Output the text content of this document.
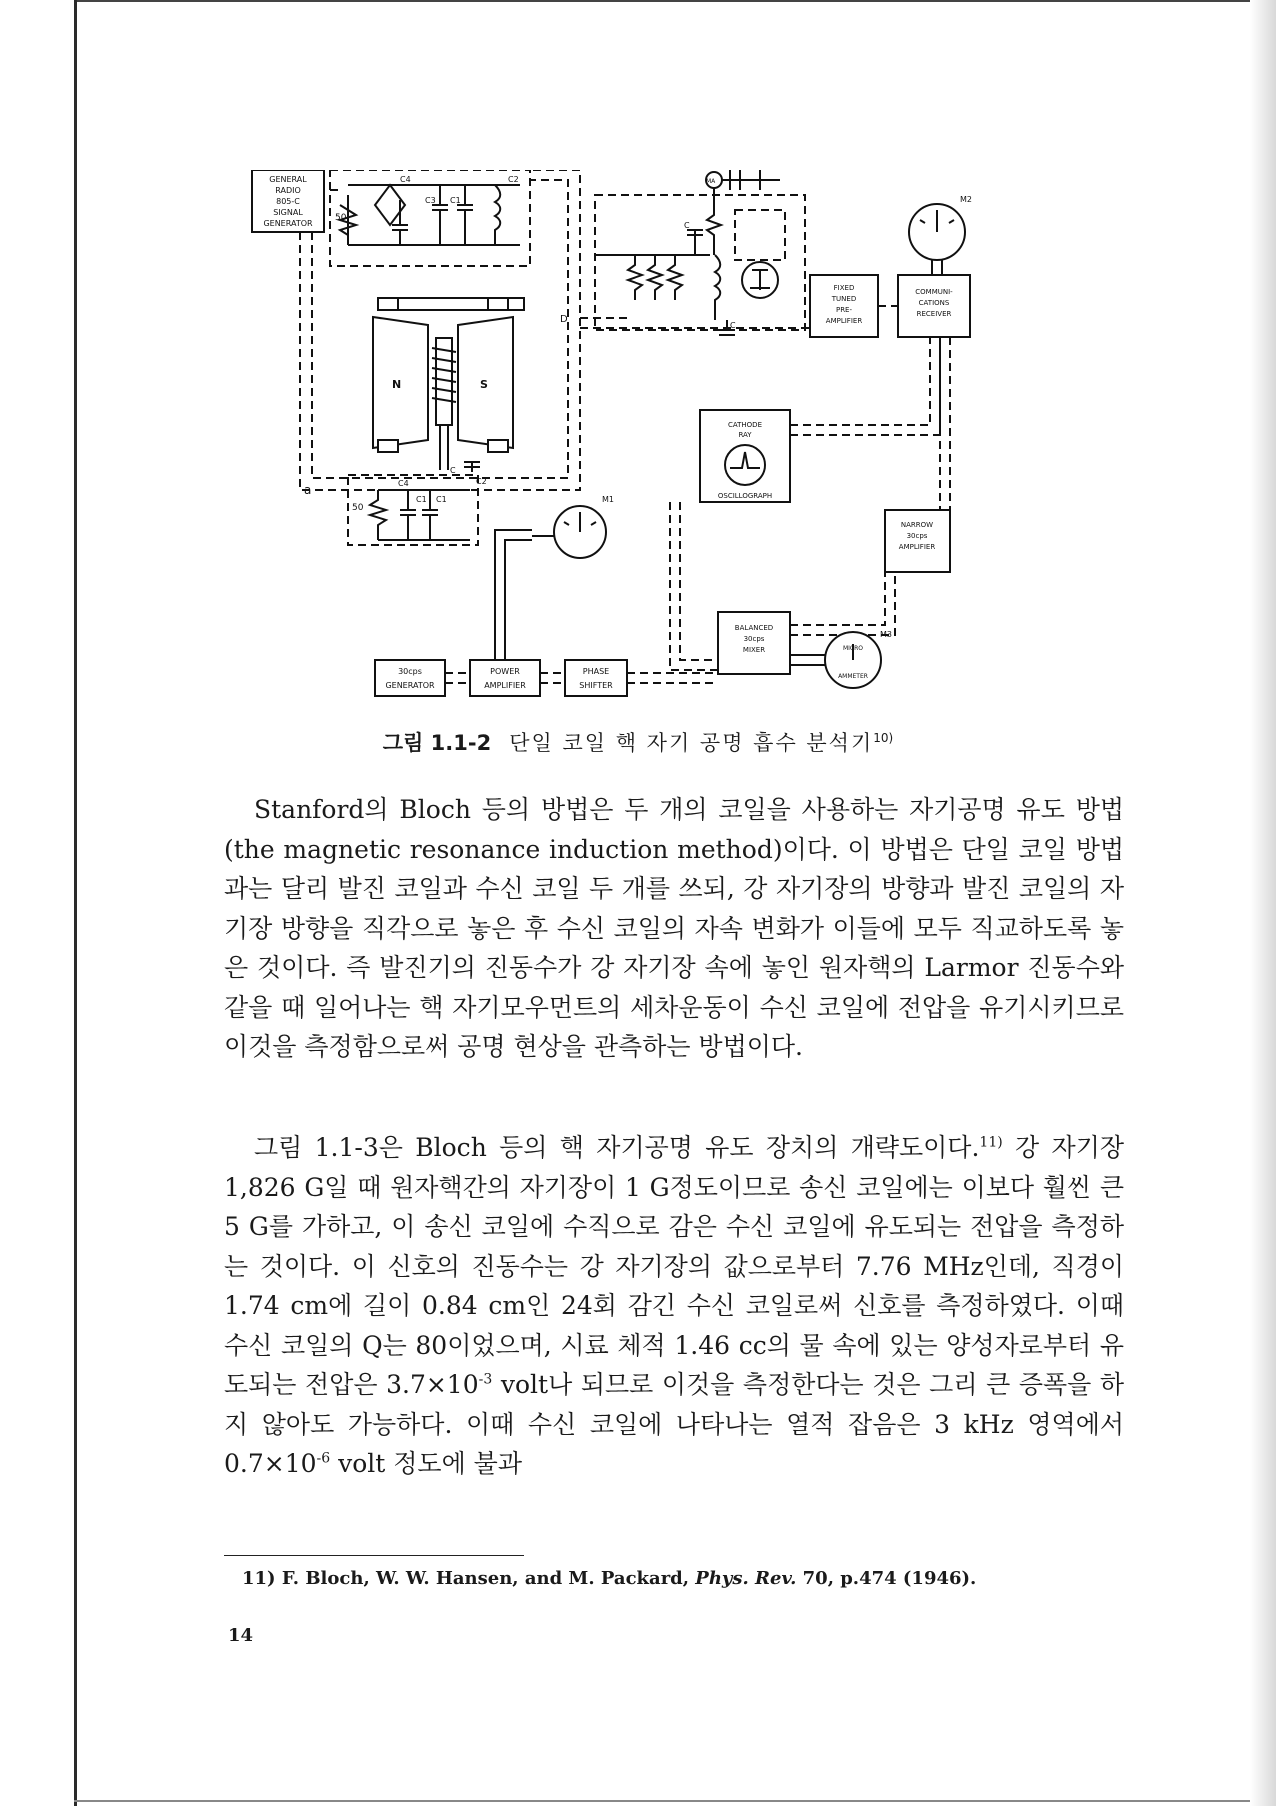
GENERAL
RADIO
805-C
SIGNAL
GENERATOR
50
C4
C3 C1
C2
N	S
C
a
50
C4
C1 C1
C2
D
C
C
MA
FIXED
TUNED
PRE-
AMPLIFIER
COMMUNI-
CATIONS
RECEIVER
M2
CATHODE
RAY
OSCILLOGRAPH
NARROW
30cps
AMPLIFIER
BALANCED
30cps
MIXER	MICRO
AMMETER
M3
30cps
GENERATOR
POWER
AMPLIFIER
PHASE
SHIFTER
M1
그림 1.1-2 단일 코일 핵 자기 공명 흡수 분석기$^{10)}$

Stanford의 Bloch 등의 방법은 두 개의 코일을 사용하는 자기공명 유도 방법(the magnetic resonance induction method)이다. 이 방법은 단일 코일 방법과는 달리 발진 코일과 수신 코일 두 개를 쓰되, 강 자기장의 방향과 발진 코일의 자기장 방향을 직각으로 놓은 후 수신 코일의 자속 변화가 이들에 모두 직교하도록 놓은 것이다. 즉 발진기의 진동수가 강 자기장 속에 놓인 원자핵의 Larmor 진동수와 같을 때 일어나는 핵 자기모우먼트의 세차운동이 수신 코일에 전압을 유기시키므로 이것을 측정함으로써 공명 현상을 관측하는 방법이다.

그림 1.1-3은 Bloch 등의 핵 자기공명 유도 장치의 개략도이다.$^{11)}$ 강 자기장 1,826 G일 때 원자핵간의 자기장이 1 G정도이므로 송신 코일에는 이보다 훨씬 큰 5 G를 가하고, 이 송신 코일에 수직으로 감은 수신 코일에 유도되는 전압을 측정하는 것이다. 이 신호의 진동수는 강 자기장의 값으로부터 7.76 MHz인데, 직경이 1.74 cm에 길이 0.84 cm인 24회 감긴 수신 코일로써 신호를 측정하였다. 이때 수신 코일의 Q는 80이었으며, 시료 체적 1.46 cc의 물 속에 있는 양성자로부터 유도되는 전압은 $3.7\times 10^{-3}$ volt나 되므로 이것을 측정한다는 것은 그리 큰 증폭을 하지 않아도 가능하다. 이때 수신 코일에 나타나는 열적 잡음은 3 kHz 영역에서 $0.7\times 10^{-6}$ volt 정도에 불과

11) F. Bloch, W. W. Hansen, and M. Packard, Phys. Rev. 70, p.474 (1946).
14
